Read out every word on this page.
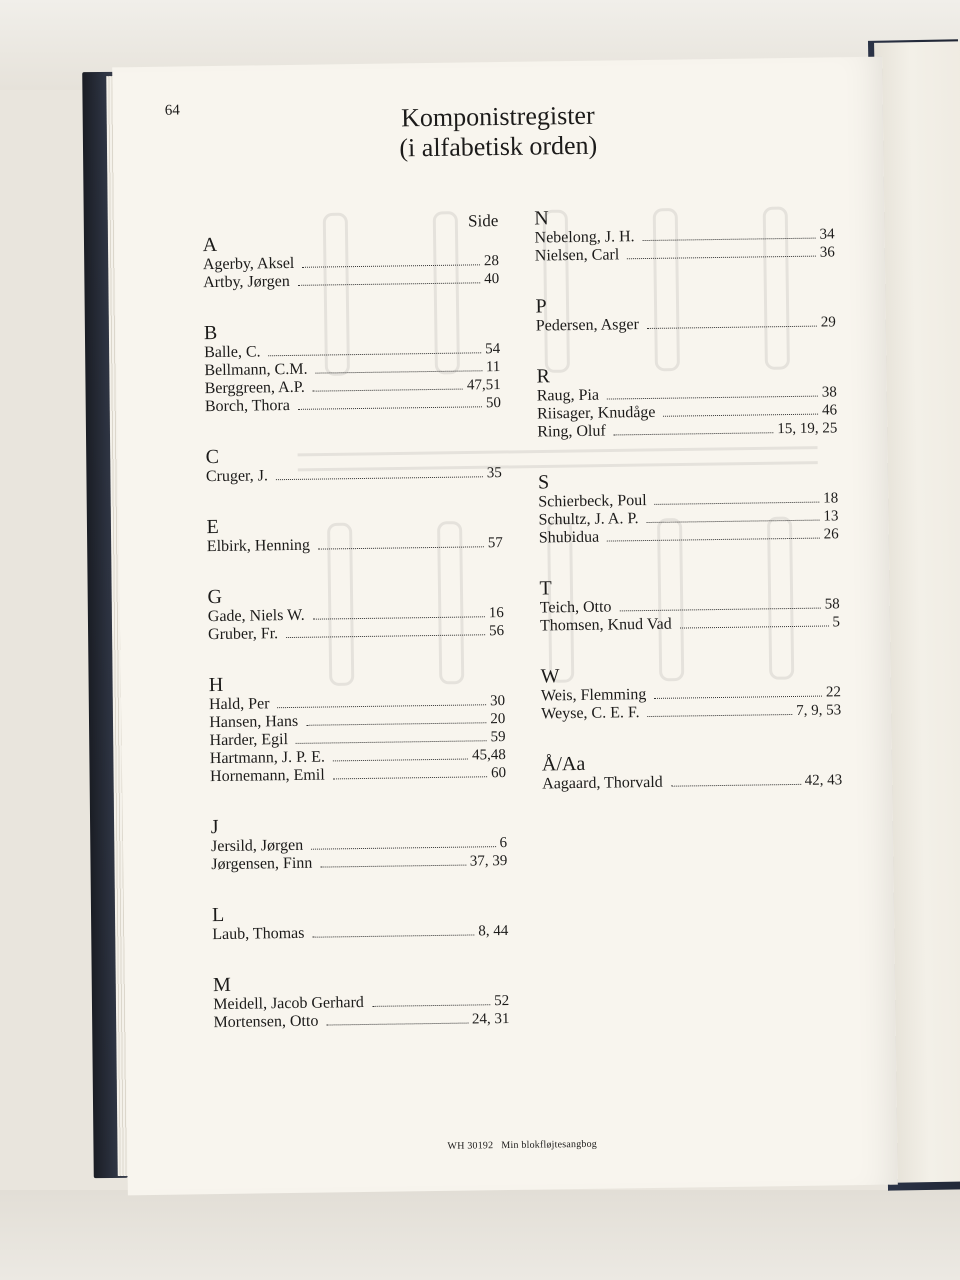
64	Komponistregister
(i alfabetisk orden)
Side
A
Agerby, Aksel	28
Artby, Jørgen	40
B
Balle, C.	54
Bellmann, C.M.	11
Berggreen, A.P.	47,51
Borch, Thora	50
C
Cruger, J.	35
E
Elbirk, Henning	57
G
Gade, Niels W.	16
Gruber, Fr.	56
H
Hald, Per	30
Hansen, Hans	20
Harder, Egil	59
Hartmann, J. P. E.	45,48
Hornemann, Emil	60
J
Jersild, Jørgen	6
Jørgensen, Finn	37, 39
L
Laub, Thomas	8, 44
M
Meidell, Jacob Gerhard	52
Mortensen, Otto	24, 31
N
Nebelong, J. H.	34
Nielsen, Carl	36
P
Pedersen, Asger	29
R
Raug, Pia	38
Riisager, Knudåge	46
Ring, Oluf	15, 19, 25
S
Schierbeck, Poul	18
Schultz, J. A. P.	13
Shubidua	26
T
Teich, Otto	58
Thomsen, Knud Vad	5
W
Weis, Flemming	22
Weyse, C. E. F.	7, 9, 53
Å/Aa
Aagaard, Thorvald	42, 43
WH 30192 Min blokfløjtesangbog
